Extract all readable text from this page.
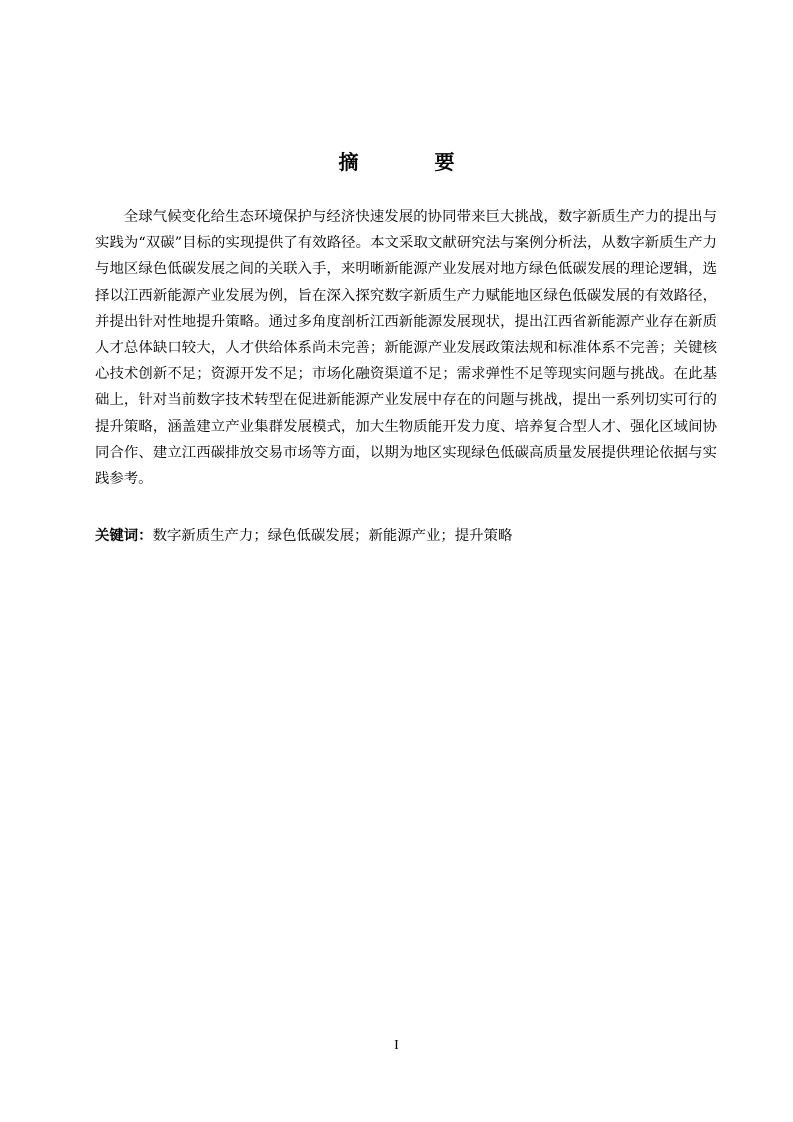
摘　要
全球气候变化给生态环境保护与经济快速发展的协同带来巨大挑战，数字新质生产力的提出与实践为“双碳”目标的实现提供了有效路径。本文采取文献研究法与案例分析法，从数字新质生产力与地区绿色低碳发展之间的关联入手，来明晰新能源产业发展对地方绿色低碳发展的理论逻辑，选择以江西新能源产业发展为例，旨在深入探究数字新质生产力赋能地区绿色低碳发展的有效路径，并提出针对性地提升策略。通过多角度剖析江西新能源发展现状，提出江西省新能源产业存在新质人才总体缺口较大，人才供给体系尚未完善；新能源产业发展政策法规和标准体系不完善；关键核心技术创新不足；资源开发不足；市场化融资渠道不足；需求弹性不足等现实问题与挑战。在此基础上，针对当前数字技术转型在促进新能源产业发展中存在的问题与挑战，提出一系列切实可行的提升策略，涵盖建立产业集群发展模式，加大生物质能开发力度、培养复合型人才、强化区域间协同合作、建立江西碳排放交易市场等方面，以期为地区实现绿色低碳高质量发展提供理论依据与实践参考。
关键词：数字新质生产力；绿色低碳发展；新能源产业；提升策略
I
